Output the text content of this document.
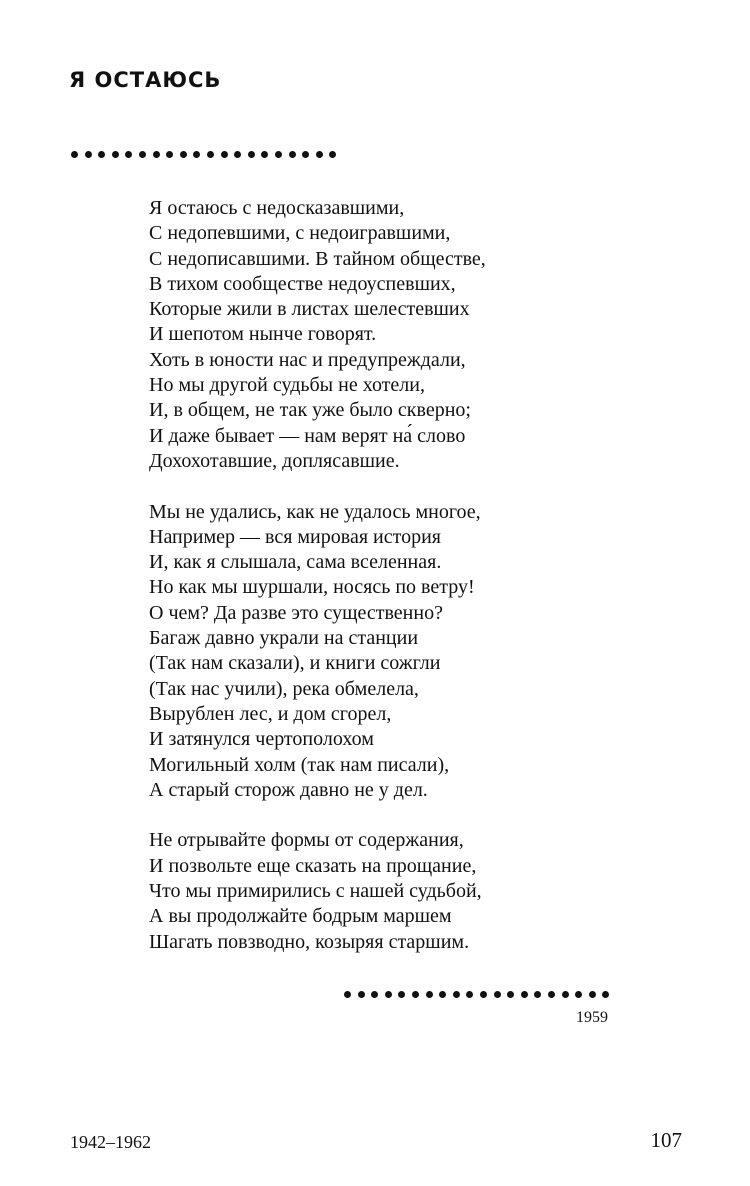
Я ОСТАЮСЬ
Я остаюсь с недосказавшими,
С недопевшими, с недоигравшими,
С недописавшими. В тайном обществе,
В тихом сообществе недоуспевших,
Которые жили в листах шелестевших
И шепотом нынче говорят.
Хоть в юности нас и предупреждали,
Но мы другой судьбы не хотели,
И, в общем, не так уже было скверно;
И даже бывает — нам верят на́ слово
Дохохотавшие, доплясавшие.
Мы не удались, как не удалось многое,
Например — вся мировая история
И, как я слышала, сама вселенная.
Но как мы шуршали, носясь по ветру!
О чем? Да разве это существенно?
Багаж давно украли на станции
(Так нам сказали), и книги сожгли
(Так нас учили), река обмелела,
Вырублен лес, и дом сгорел,
И затянулся чертополохом
Могильный холм (так нам писали),
А старый сторож давно не у дел.
Не отрывайте формы от содержания,
И позвольте еще сказать на прощание,
Что мы примирились с нашей судьбой,
А вы продолжайте бодрым маршем
Шагать повзводно, козыряя старшим.
1959
1942–1962	107
